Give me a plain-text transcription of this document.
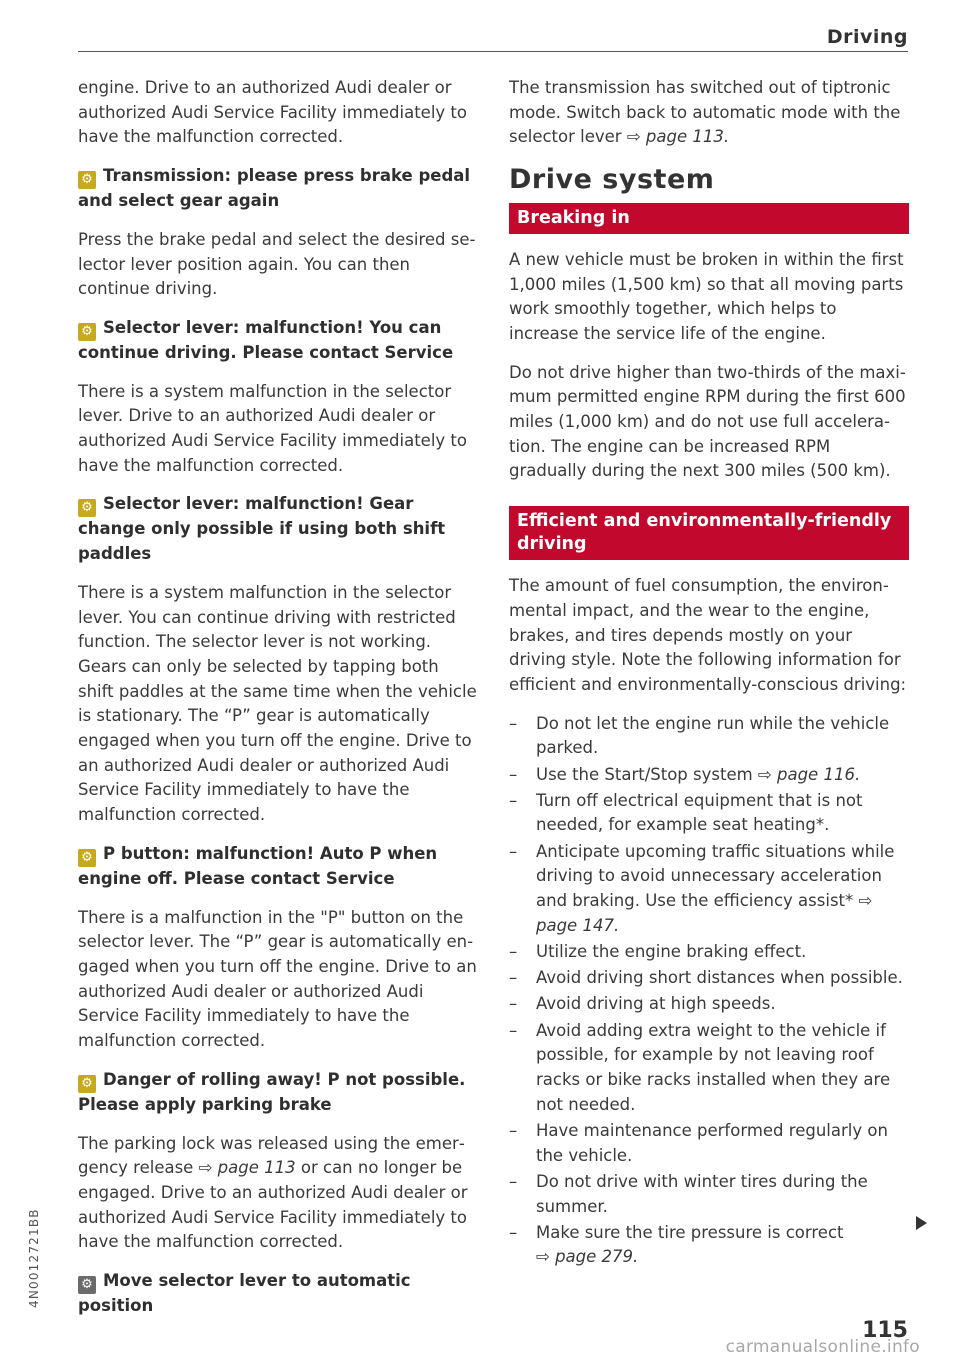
Driving

engine. Drive to an authorized Audi dealer or authorized Audi Service Facility immediately to have the malfunction corrected.

⚙ Transmission: please press brake pedal and select gear again

Press the brake pedal and select the desired selector lever position again. You can then continue driving.

⚙ Selector lever: malfunction! You can continue driving. Please contact Service

There is a system malfunction in the selector lever. Drive to an authorized Audi dealer or authorized Audi Service Facility immediately to have the malfunction corrected.

⚙ Selector lever: malfunction! Gear change only possible if using both shift paddles

There is a system malfunction in the selector lever. You can continue driving with restricted function. The selector lever is not working. Gears can only be selected by tapping both shift paddles at the same time when the vehicle is stationary. The “P” gear is automatically engaged when you turn off the engine. Drive to an authorized Audi dealer or authorized Audi Service Facility immediately to have the malfunction corrected.

⚙ P button: malfunction! Auto P when engine off. Please contact Service

There is a malfunction in the "P" button on the selector lever. The “P” gear is automatically engaged when you turn off the engine. Drive to an authorized Audi dealer or authorized Audi Service Facility immediately to have the malfunction corrected.

⚙ Danger of rolling away! P not possible. Please apply parking brake

The parking lock was released using the emergency release ⇨ page 113 or can no longer be engaged. Drive to an authorized Audi dealer or authorized Audi Service Facility immediately to have the malfunction corrected.

⚙ Move selector lever to automatic position

The transmission has switched out of tiptronic mode. Switch back to automatic mode with the selector lever ⇨ page 113.

Drive system
Breaking in

A new vehicle must be broken in within the first 1,000 miles (1,500 km) so that all moving parts work smoothly together, which helps to increase the service life of the engine.

Do not drive higher than two-thirds of the maximum permitted engine RPM during the first 600 miles (1,000 km) and do not use full acceleration. The engine can be increased RPM gradually during the next 300 miles (500 km).

Efficient and environmentally-friendly driving

The amount of fuel consumption, the environmental impact, and the wear to the engine, brakes, and tires depends mostly on your driving style. Note the following information for efficient and environmentally-conscious driving:

– Do not let the engine run while the vehicle parked.
– Use the Start/Stop system ⇨ page 116.
– Turn off electrical equipment that is not needed, for example seat heating*.
– Anticipate upcoming traffic situations while driving to avoid unnecessary acceleration and braking. Use the efficiency assist* ⇨ page 147.
– Utilize the engine braking effect.
– Avoid driving short distances when possible.
– Avoid driving at high speeds.
– Avoid adding extra weight to the vehicle if possible, for example by not leaving roof racks or bike racks installed when they are not needed.
– Have maintenance performed regularly on the vehicle.
– Do not drive with winter tires during the summer.
– Make sure the tire pressure is correct
⇨ page 279.
115
4N0012721BB
carmanualsonline.info
